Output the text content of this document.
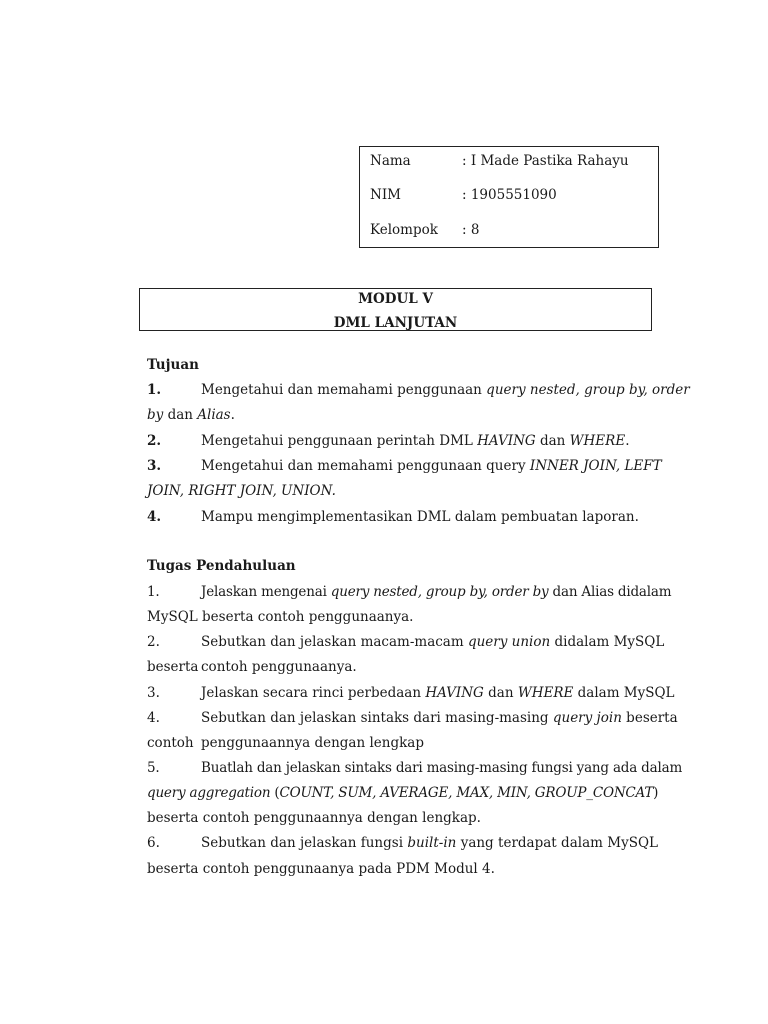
Nama	: I Made Pastika Rahayu
NIM	: 1905551090
Kelompok : 8
MODUL V
DML LANJUTAN
Tujuan
1.	Mengetahui dan memahami penggunaan query nested, group by, order
by dan Alias.
2.	Mengetahui penggunaan perintah DML HAVING dan WHERE.
3.	Mengetahui dan memahami penggunaan query INNER JOIN, LEFT
JOIN, RIGHT JOIN, UNION.
4.	Mampu mengimplementasikan DML dalam pembuatan laporan.
Tugas Pendahuluan
1.	Jelaskan mengenai query nested, group by, order by dan Alias didalam
MySQL beserta contoh penggunaanya.
2.	Sebutkan dan jelaskan macam-macam query union didalam MySQL
beserta contoh penggunaanya.
3.	Jelaskan secara rinci perbedaan HAVING dan WHERE dalam MySQL
4.	Sebutkan dan jelaskan sintaks dari masing-masing query join beserta
contoh penggunaannya dengan lengkap
5.	Buatlah dan jelaskan sintaks dari masing-masing fungsi yang ada dalam
query aggregation (COUNT, SUM, AVERAGE, MAX, MIN, GROUP_CONCAT)
beserta contoh penggunaannya dengan lengkap.
6.	Sebutkan dan jelaskan fungsi built-in yang terdapat dalam MySQL
beserta contoh penggunaanya pada PDM Modul 4.
